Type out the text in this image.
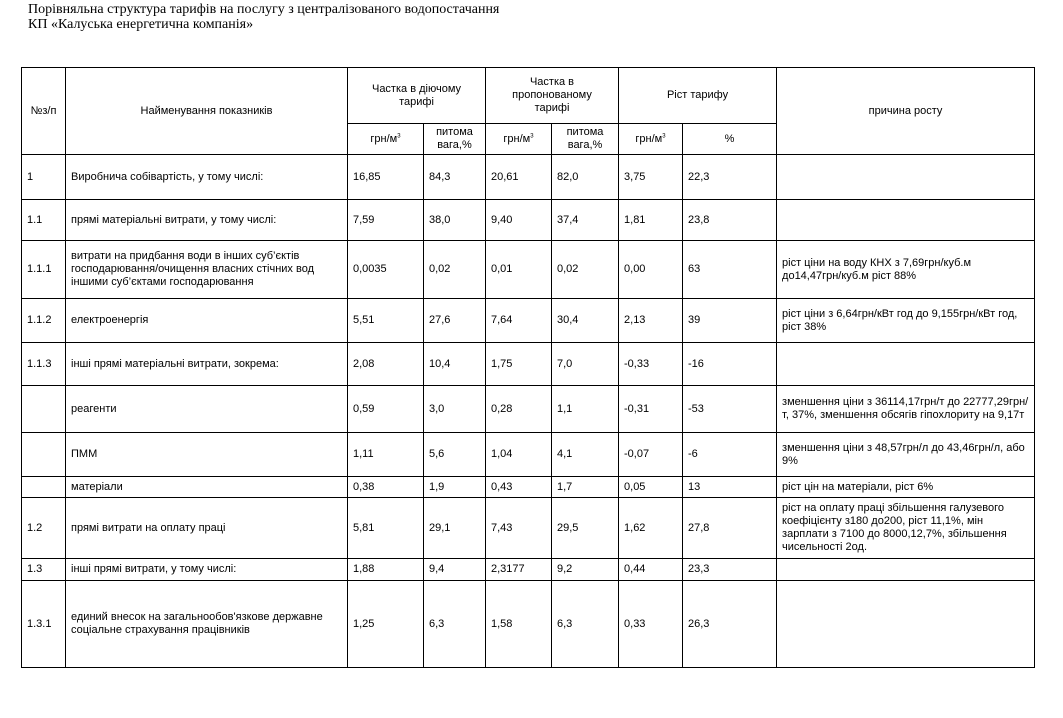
Порівняльна структура тарифів на послугу з централізованого водопостачання
КП «Калуська енергетична компанія»
№з/п	Найменування показників	Частка в діючому тарифі		Частка в пропонованому тарифі		Ріст тарифу		причина росту
		грн/$м^3$	питома вага,%	грн/$м^3$	питома вага,%	грн/$м^3$	%	
1	Виробнича собівартість, у тому числі:	16,85	84,3	20,61	82,0	3,75	22,3	
1.1	прямі матеріальні витрати, у тому числі:	7,59	38,0	9,40	37,4	1,81	23,8	
1.1.1	витрати на придбання води в інших суб’єктів господарювання/очищення власних стічних вод іншими суб’єктами господарювання	0,0035	0,02	0,01	0,02	0,00	63	ріст ціни на воду КНХ з 7,69грн/куб.м до14,47грн/куб.м ріст 88%
1.1.2	електроенергія	5,51	27,6	7,64	30,4	2,13	39	ріст ціни з 6,64грн/кВт год до 9,155грн/кВт год, ріст 38%
1.1.3	інші прямі матеріальні витрати, зокрема:	2,08	10,4	1,75	7,0	-0,33	-16	
	реагенти	0,59	3,0	0,28	1,1	-0,31	-53	зменшення ціни з 36114,17грн/т до 22777,29грн/т, 37%, зменшення обсягів гіпохлориту на 9,17т
	ПММ	1,11	5,6	1,04	4,1	-0,07	-6	зменшення ціни з 48,57грн/л до 43,46грн/л, або 9%
	матеріали	0,38	1,9	0,43	1,7	0,05	13	ріст цін на матеріали, ріст 6%
1.2	прямі витрати на оплату праці	5,81	29,1	7,43	29,5	1,62	27,8	ріст на оплату праці збільшення галузевого коефіцієнту з180 до200, ріст 11,1%, мін зарплати з 7100 до 8000,12,7%, збільшення чисельності 2од.
1.3	інші прямі витрати, у тому числі:	1,88	9,4	2,3177	9,2	0,44	23,3	
1.3.1	единий внесок на загальнообов'язкове державне соціальне страхування працівників	1,25	6,3	1,58	6,3	0,33	26,3	
